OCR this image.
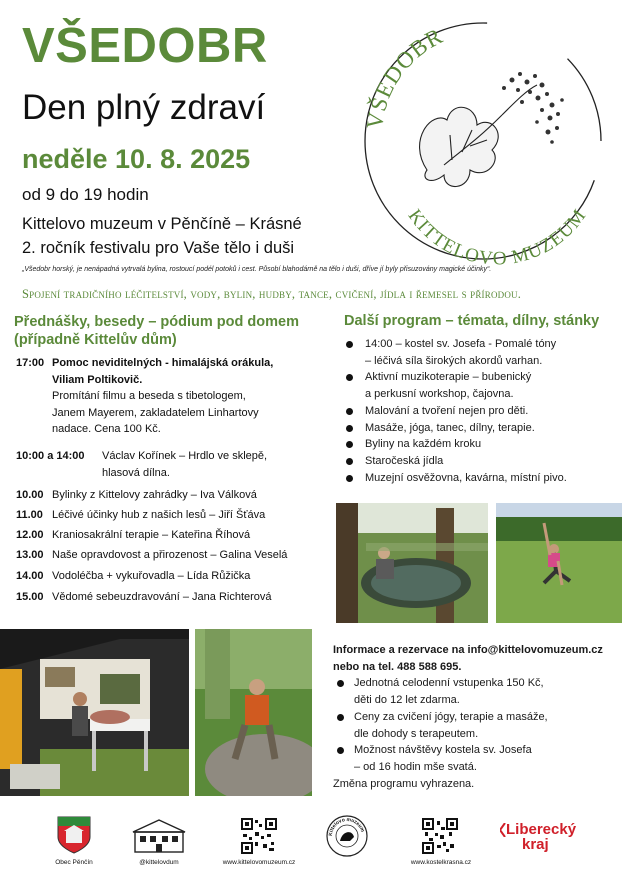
VŠEDOBR
Den plný zdraví
neděle 10. 8. 2025
od 9 do 19 hodin
Kittelovo muzeum v Pěnčíně – Krásné
2. ročník festivalu pro Vaše tělo i duši
„Všedobr horský, je nenápadná vytrvalá bylina, rostoucí podél potoků i cest. Působí blahodárně na tělo i duši, dříve jí byly přisuzovány magické účinky“.
Spojení tradičního léčitelství, vody, bylin, hudby, tance, cvičení, jídla i řemesel s přírodou.
VŠEDOBR
KITTELOVO MUZEUM
Přednášky, besedy – pódium pod domem
(případně Kittelův dům)
17:00 Pomoc neviditelných - himalájská orákula,
Viliam Poltikovič.
Promítání filmu a beseda s tibetologem,
Janem Mayerem, zakladatelem Linhartovy
nadace. Cena 100 Kč.
10:00 a 14:00 Václav Kořínek – Hrdlo ve sklepě,
hlasová dílna.
10.00 Bylinky z Kittelovy zahrádky – Iva Válková
11.00 Léčivé účinky hub z našich lesů – Jiří Šťáva
12.00 Kraniosakrální terapie – Kateřina Říhová
13.00 Naše opravdovost a přirozenost – Galina Veselá
14.00 Vodoléčba + vykuřovadla – Lída Růžička
15.00 Vědomé sebeuzdravování – Jana Richterová
Další program – témata, dílny, stánky
14:00 – kostel sv. Josefa - Pomalé tóny
– léčivá síla širokých akordů varhan.
Aktivní muzikoterapie – bubenický
a perkusní workshop, čajovna.
Malování a tvoření nejen pro děti.
Masáže, jóga, tanec, dílny, terapie.
Byliny na každém kroku
Staročeská jídla
Muzejní osvěžovna, kavárna, místní pivo.
Informace a rezervace na info@kittelovomuzeum.cz
nebo na tel. 488 588 695.
Jednotná celodenní vstupenka 150 Kč,
děti do 12 let zdarma.
Ceny za cvičení jógy, terapie a masáže,
dle dohody s terapeutem.
Možnost návštěvy kostela sv. Josefa
– od 16 hodin mše svatá.
Změna programu vyhrazena.
Obec Pěnčín	@kittelovdum	www.kittelovomuzeum.cz
Kittelovo muzeum
www.kostelkrasna.cz
Liberecký
kraj
